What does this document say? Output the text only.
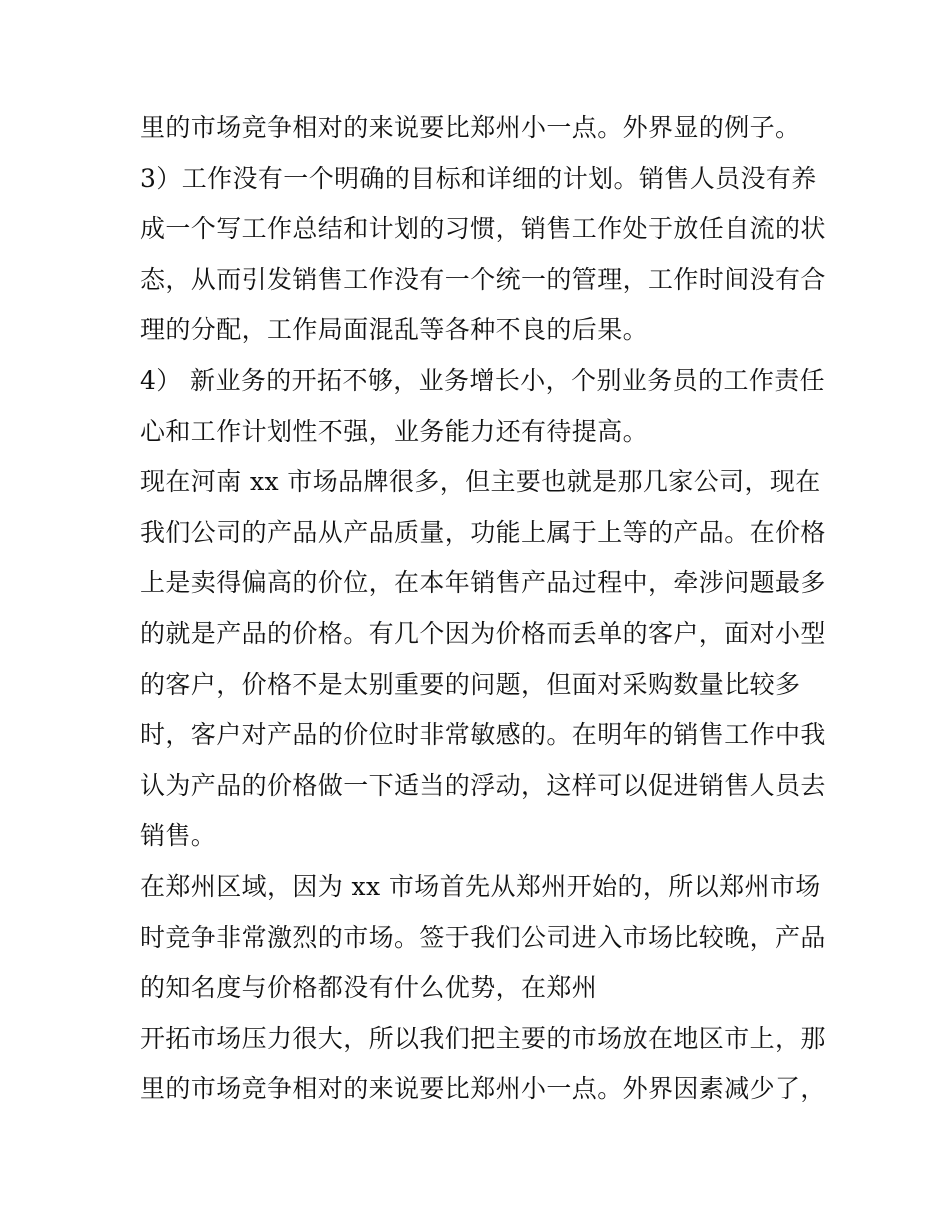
里的市场竞争相对的来说要比郑州小一点。外界显的例子。
3）工作没有一个明确的目标和详细的计划。销售人员没有养
成一个写工作总结和计划的习惯，销售工作处于放任自流的状
态，从而引发销售工作没有一个统一的管理，工作时间没有合
理的分配，工作局面混乱等各种不良的后果。
4） 新业务的开拓不够，业务增长小，个别业务员的工作责任
心和工作计划性不强，业务能力还有待提高。
现在河南 xx 市场品牌很多，但主要也就是那几家公司，现在
我们公司的产品从产品质量，功能上属于上等的产品。在价格
上是卖得偏高的价位，在本年销售产品过程中，牵涉问题最多
的就是产品的价格。有几个因为价格而丢单的客户，面对小型
的客户，价格不是太别重要的问题，但面对采购数量比较多
时，客户对产品的价位时非常敏感的。在明年的销售工作中我
认为产品的价格做一下适当的浮动，这样可以促进销售人员去
销售。
在郑州区域，因为 xx 市场首先从郑州开始的，所以郑州市场
时竞争非常激烈的市场。签于我们公司进入市场比较晚，产品
的知名度与价格都没有什么优势，在郑州
开拓市场压力很大，所以我们把主要的市场放在地区市上，那
里的市场竞争相对的来说要比郑州小一点。外界因素减少了，
